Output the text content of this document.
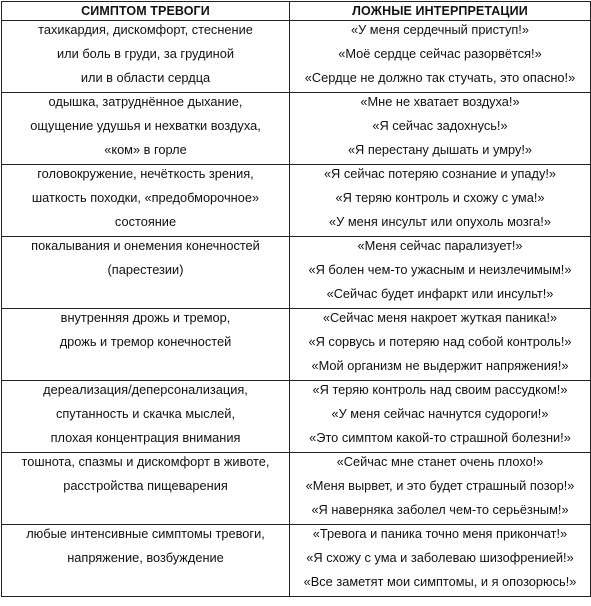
СИМПТОМ ТРЕВОГИ	ЛОЖНЫЕ ИНТЕРПРЕТАЦИИ

тахикардия, дискомфорт, стеснение
или боль в груди, за грудиной
или в области сердца	«У меня сердечный приступ!»
«Моё сердце сейчас разорвётся!»
«Сердце не должно так стучать, это опасно!»

одышка, затруднённое дыхание,
ощущение удушья и нехватки воздуха,
«ком» в горле	«Мне не хватает воздуха!»
«Я сейчас задохнусь!»
«Я перестану дышать и умру!»

головокружение, нечёткость зрения,
шаткость походки, «предобморочное»
состояние	«Я сейчас потеряю сознание и упаду!»
«Я теряю контроль и схожу с ума!»
«У меня инсульт или опухоль мозга!»

покалывания и онемения конечностей
(парестезии)	«Меня сейчас парализует!»
«Я болен чем-то ужасным и неизлечимым!»
«Сейчас будет инфаркт или инсульт!»

внутренняя дрожь и тремор,
дрожь и тремор конечностей	«Сейчас меня накроет жуткая паника!»
«Я сорвусь и потеряю над собой контроль!»
«Мой организм не выдержит напряжения!»

дереализация/деперсонализация,
спутанность и скачка мыслей,
плохая концентрация внимания	«Я теряю контроль над своим рассудком!»
«У меня сейчас начнутся судороги!»
«Это симптом какой-то страшной болезни!»

тошнота, спазмы и дискомфорт в животе,
расстройства пищеварения	«Сейчас мне станет очень плохо!»
«Меня вырвет, и это будет страшный позор!»
«Я наверняка заболел чем-то серьёзным!»

любые интенсивные симптомы тревоги,
напряжение, возбуждение	«Тревога и паника точно меня прикончат!»
«Я схожу с ума и заболеваю шизофренией!»
«Все заметят мои симптомы, и я опозорюсь!»
